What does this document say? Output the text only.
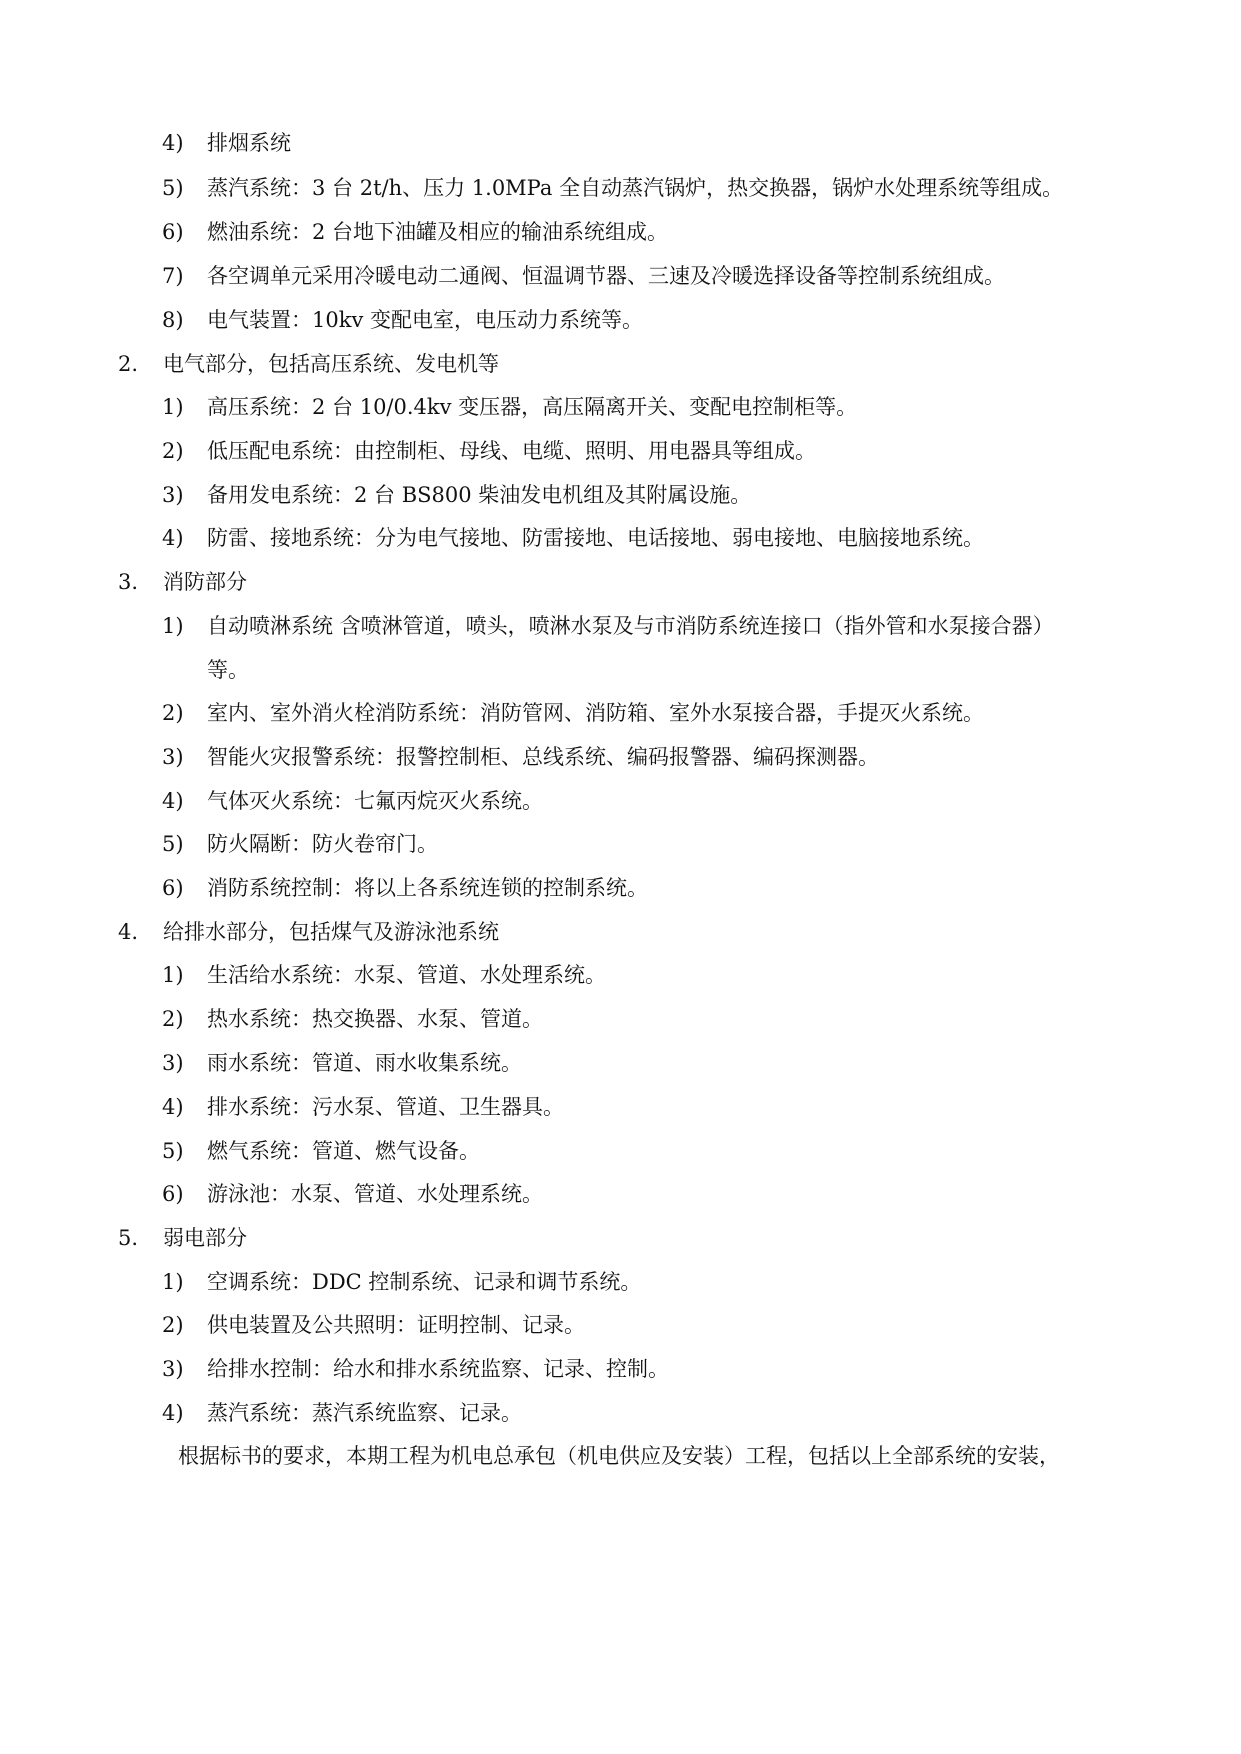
4) 排烟系统
5) 蒸汽系统：3 台 2t/h、压力 1.0MPa 全自动蒸汽锅炉，热交换器，锅炉水处理系统等组成。
6) 燃油系统：2 台地下油罐及相应的输油系统组成。
7) 各空调单元采用冷暖电动二通阀、恒温调节器、三速及冷暖选择设备等控制系统组成。
8) 电气装置：10kv 变配电室，电压动力系统等。
2. 电气部分，包括高压系统、发电机等
1) 高压系统：2 台 10/0.4kv 变压器，高压隔离开关、变配电控制柜等。
2) 低压配电系统：由控制柜、母线、电缆、照明、用电器具等组成。
3) 备用发电系统：2 台 BS800 柴油发电机组及其附属设施。
4) 防雷、接地系统：分为电气接地、防雷接地、电话接地、弱电接地、电脑接地系统。
3. 消防部分
1) 自动喷淋系统 含喷淋管道，喷头，喷淋水泵及与市消防系统连接口（指外管和水泵接合器）
等。
2) 室内、室外消火栓消防系统：消防管网、消防箱、室外水泵接合器，手提灭火系统。
3) 智能火灾报警系统：报警控制柜、总线系统、编码报警器、编码探测器。
4) 气体灭火系统：七氟丙烷灭火系统。
5) 防火隔断：防火卷帘门。
6) 消防系统控制：将以上各系统连锁的控制系统。
4. 给排水部分，包括煤气及游泳池系统
1) 生活给水系统：水泵、管道、水处理系统。
2) 热水系统：热交换器、水泵、管道。
3) 雨水系统：管道、雨水收集系统。
4) 排水系统：污水泵、管道、卫生器具。
5) 燃气系统：管道、燃气设备。
6) 游泳池：水泵、管道、水处理系统。
5. 弱电部分
1) 空调系统：DDC 控制系统、记录和调节系统。
2) 供电装置及公共照明：证明控制、记录。
3) 给排水控制：给水和排水系统监察、记录、控制。
4) 蒸汽系统：蒸汽系统监察、记录。
根据标书的要求，本期工程为机电总承包（机电供应及安装）工程，包括以上全部系统的安装，
